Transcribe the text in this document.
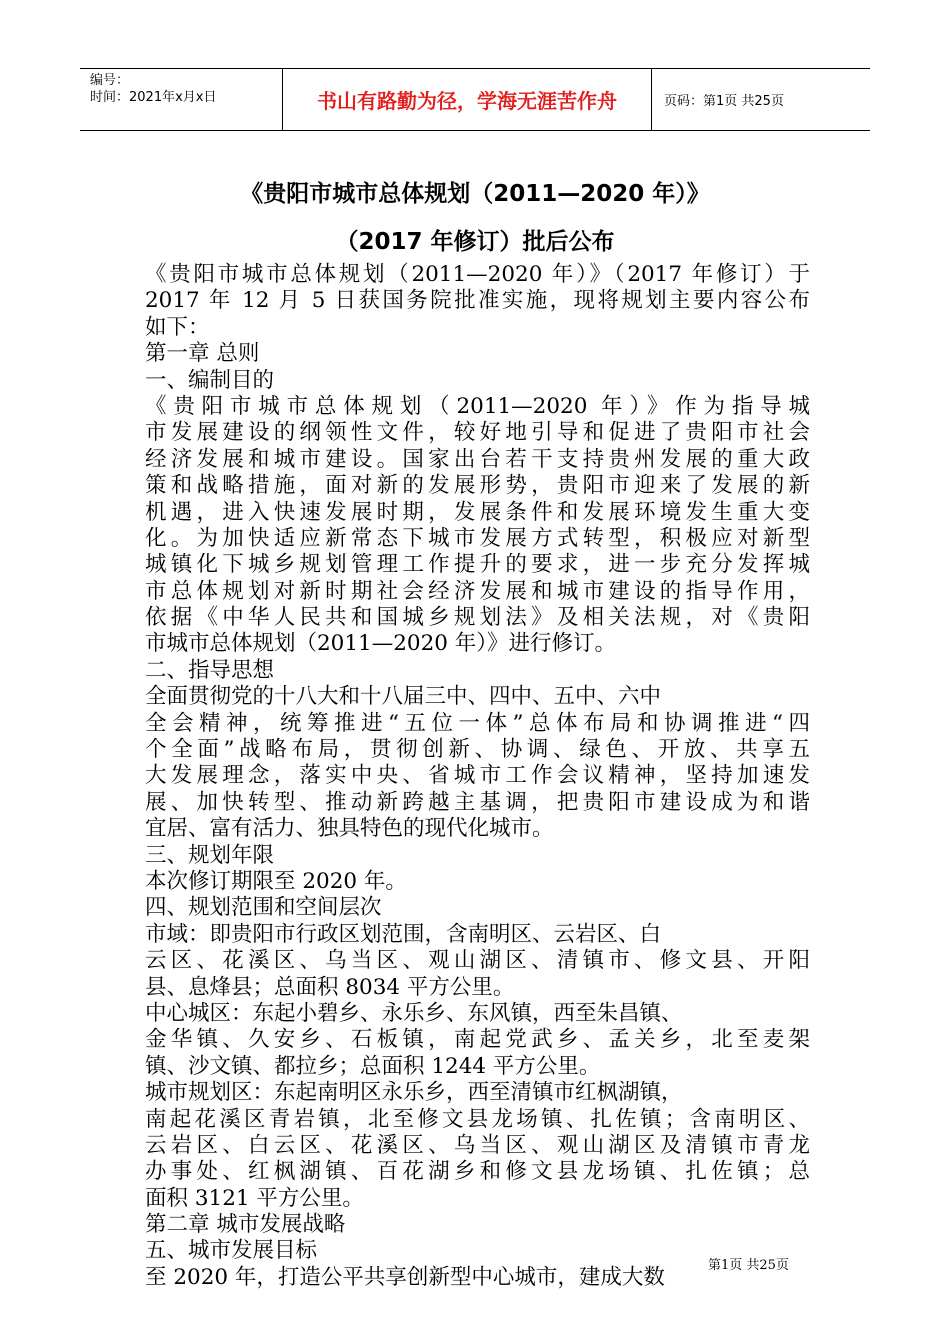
编号：
时间：2021年x月x日	书山有路勤为径，学海无涯苦作舟	页码：第1页 共25页
《贵阳市城市总体规划（2011—2020 年）》
（2017 年修订）批后公布
《贵阳市城市总体规划（2011—2020 年）》（2017 年修订）于
2017 年 12 月 5 日获国务院批准实施，现将规划主要内容公布
如下：
第一章 总则
一、编制目的
《贵阳市城市总体规划（2011—2020 年）》作为指导城
市发展建设的纲领性文件，较好地引导和促进了贵阳市社会
经济发展和城市建设。国家出台若干支持贵州发展的重大政
策和战略措施，面对新的发展形势，贵阳市迎来了发展的新
机遇，进入快速发展时期，发展条件和发展环境发生重大变
化。为加快适应新常态下城市发展方式转型，积极应对新型
城镇化下城乡规划管理工作提升的要求，进一步充分发挥城
市总体规划对新时期社会经济发展和城市建设的指导作用，
依据《中华人民共和国城乡规划法》及相关法规，对《贵阳
市城市总体规划（2011—2020 年）》进行修订。
二、指导思想
全面贯彻党的十八大和十八届三中、四中、五中、六中
全会精神，统筹推进“五位一体”总体布局和协调推进“四
个全面”战略布局，贯彻创新、协调、绿色、开放、共享五
大发展理念，落实中央、省城市工作会议精神，坚持加速发
展、加快转型、推动新跨越主基调，把贵阳市建设成为和谐
宜居、富有活力、独具特色的现代化城市。
三、规划年限
本次修订期限至 2020 年。
四、规划范围和空间层次
市域：即贵阳市行政区划范围，含南明区、云岩区、白
云区、花溪区、乌当区、观山湖区、清镇市、修文县、开阳
县、息烽县；总面积 8034 平方公里。
中心城区：东起小碧乡、永乐乡、东风镇，西至朱昌镇、
金华镇、久安乡、石板镇，南起党武乡、孟关乡，北至麦架
镇、沙文镇、都拉乡；总面积 1244 平方公里。
城市规划区：东起南明区永乐乡，西至清镇市红枫湖镇，
南起花溪区青岩镇，北至修文县龙场镇、扎佐镇；含南明区、
云岩区、白云区、花溪区、乌当区、观山湖区及清镇市青龙
办事处、红枫湖镇、百花湖乡和修文县龙场镇、扎佐镇；总
面积 3121 平方公里。
第二章 城市发展战略
五、城市发展目标
至 2020 年，打造公平共享创新型中心城市，建成大数	第1页 共25页
